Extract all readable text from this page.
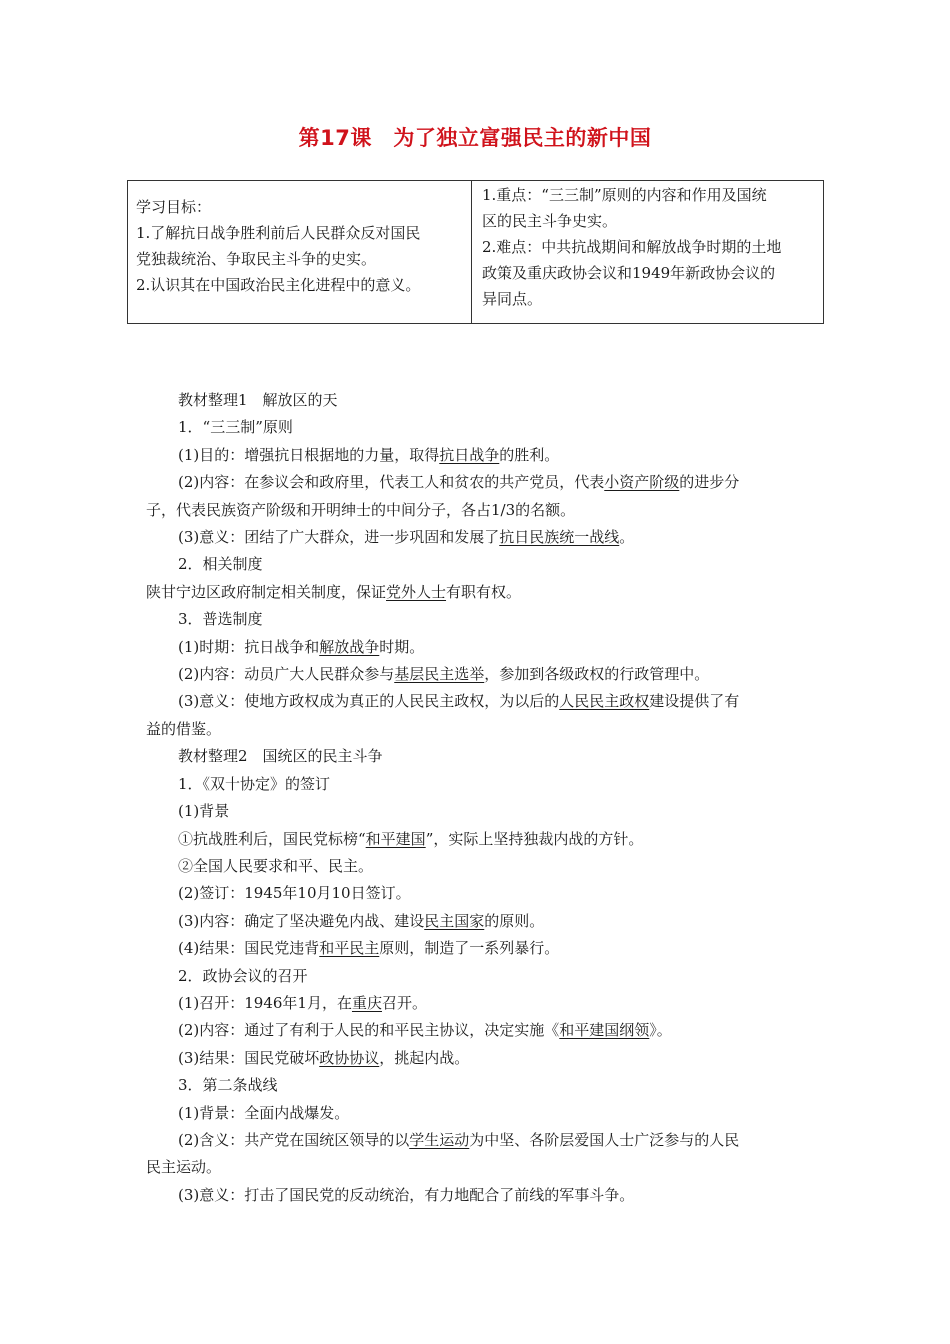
第17课　为了独立富强民主的新中国
学习目标：
1.了解抗日战争胜利前后人民群众反对国民
党独裁统治、争取民主斗争的史实。
2.认识其在中国政治民主化进程中的意义。
1.重点：“三三制”原则的内容和作用及国统
区的民主斗争史实。
2.难点：中共抗战期间和解放战争时期的土地
政策及重庆政协会议和1949年新政协会议的
异同点。
教材整理1　解放区的天
1．“三三制”原则
(1)目的：增强抗日根据地的力量，取得抗日战争的胜利。
(2)内容：在参议会和政府里，代表工人和贫农的共产党员，代表小资产阶级的进步分
子，代表民族资产阶级和开明绅士的中间分子，各占1/3的名额。
(3)意义：团结了广大群众，进一步巩固和发展了抗日民族统一战线。
2．相关制度
陕甘宁边区政府制定相关制度，保证党外人士有职有权。
3．普选制度
(1)时期：抗日战争和解放战争时期。
(2)内容：动员广大人民群众参与基层民主选举，参加到各级政权的行政管理中。
(3)意义：使地方政权成为真正的人民民主政权，为以后的人民民主政权建设提供了有
益的借鉴。
教材整理2　国统区的民主斗争
1．《双十协定》的签订
(1)背景
①抗战胜利后，国民党标榜“和平建国”，实际上坚持独裁内战的方针。
②全国人民要求和平、民主。
(2)签订：1945年10月10日签订。
(3)内容：确定了坚决避免内战、建设民主国家的原则。
(4)结果：国民党违背和平民主原则，制造了一系列暴行。
2．政协会议的召开
(1)召开：1946年1月，在重庆召开。
(2)内容：通过了有利于人民的和平民主协议，决定实施《和平建国纲领》。
(3)结果：国民党破坏政协协议，挑起内战。
3．第二条战线
(1)背景：全面内战爆发。
(2)含义：共产党在国统区领导的以学生运动为中坚、各阶层爱国人士广泛参与的人民
民主运动。
(3)意义：打击了国民党的反动统治，有力地配合了前线的军事斗争。
